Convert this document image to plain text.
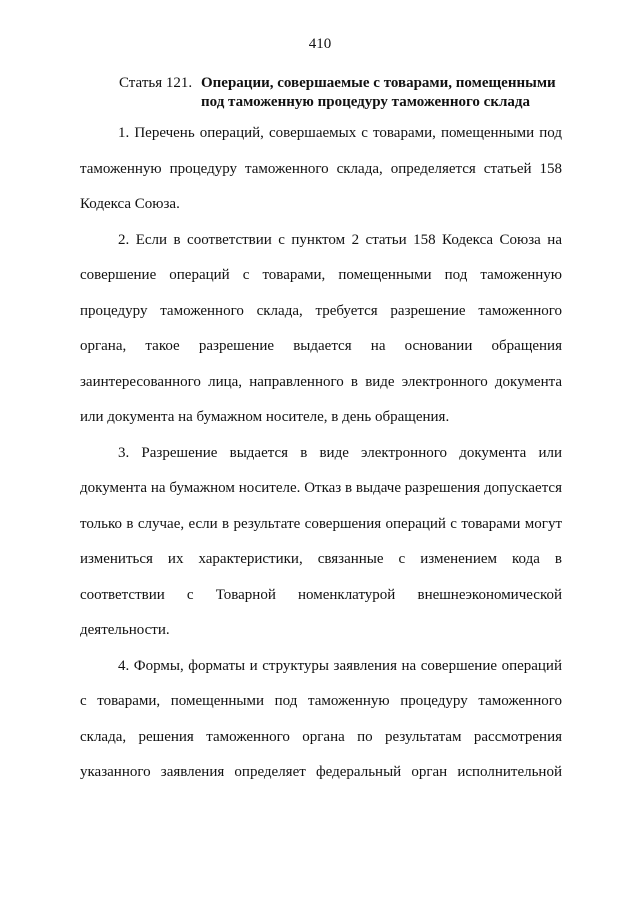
410
Статья 121. Операции, совершаемые с товарами, помещенными
под таможенную процедуру таможенного склада
1. Перечень операций, совершаемых с товарами, помещенными под
таможенную процедуру таможенного склада, определяется статьей 158
Кодекса Союза.
2. Если в соответствии с пунктом 2 статьи 158 Кодекса Союза на
совершение операций с товарами, помещенными под таможенную
процедуру таможенного склада, требуется разрешение таможенного
органа, такое разрешение выдается на основании обращения
заинтересованного лица, направленного в виде электронного документа
или документа на бумажном носителе, в день обращения.
3. Разрешение выдается в виде электронного документа или
документа на бумажном носителе. Отказ в выдаче разрешения допускается
только в случае, если в результате совершения операций с товарами могут
измениться их характеристики, связанные с изменением кода в
соответствии с Товарной номенклатурой внешнеэкономической
деятельности.
4. Формы, форматы и структуры заявления на совершение операций
с товарами, помещенными под таможенную процедуру таможенного
склада, решения таможенного органа по результатам рассмотрения
указанного заявления определяет федеральный орган исполнительной
